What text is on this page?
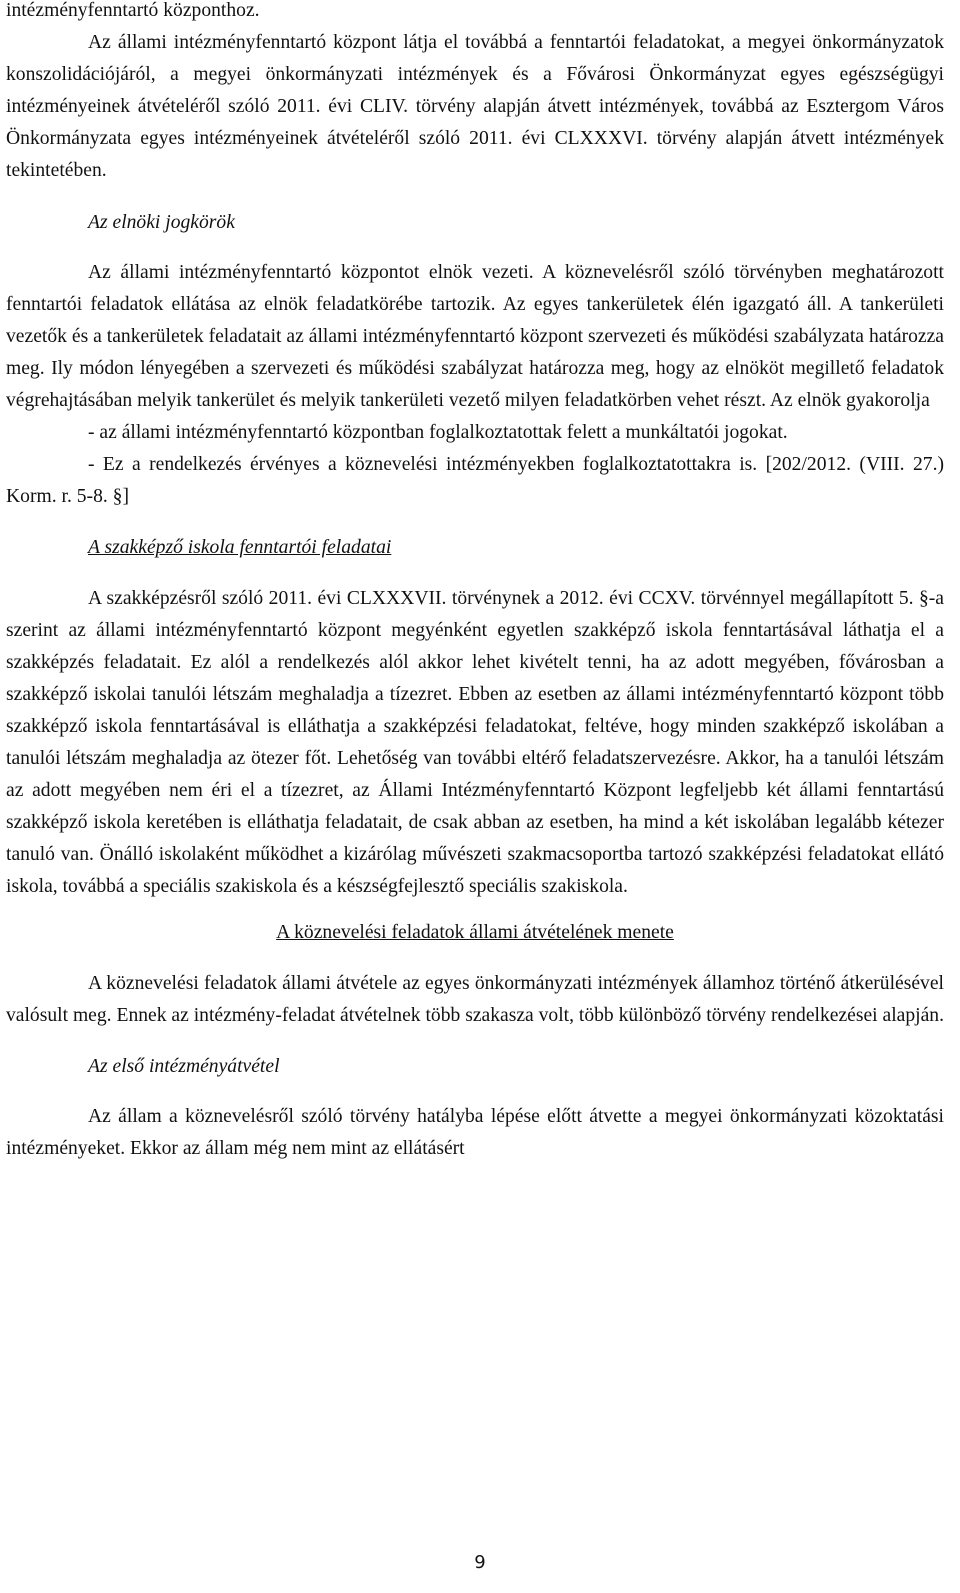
intézményfenntartó központhoz.

Az állami intézményfenntartó központ látja el továbbá a fenntartói feladatokat, a megyei önkormányzatok konszolidációjáról, a megyei önkormányzati intézmények és a Fővárosi Önkormányzat egyes egészségügyi intézményeinek átvételéről szóló 2011. évi CLIV. törvény alapján átvett intézmények, továbbá az Esztergom Város Önkormányzata egyes intézményeinek átvételéről szóló 2011. évi CLXXXVI. törvény alapján átvett intézmények tekintetében.

Az elnöki jogkörök

Az állami intézményfenntartó központot elnök vezeti. A köznevelésről szóló törvényben meghatározott fenntartói feladatok ellátása az elnök feladatkörébe tartozik. Az egyes tankerületek élén igazgató áll. A tankerületi vezetők és a tankerületek feladatait az állami intézményfenntartó központ szervezeti és működési szabályzata határozza meg. Ily módon lényegében a szervezeti és működési szabályzat határozza meg, hogy az elnököt megillető feladatok végrehajtásában melyik tankerület és melyik tankerületi vezető milyen feladatkörben vehet részt. Az elnök gyakorolja

- az állami intézményfenntartó központban foglalkoztatottak felett a munkáltatói jogokat.

- Ez a rendelkezés érvényes a köznevelési intézményekben foglalkoztatottakra is. [202/2012. (VIII. 27.) Korm. r. 5-8. §]

A szakképző iskola fenntartói feladatai

A szakképzésről szóló 2011. évi CLXXXVII. törvénynek a 2012. évi CCXV. törvénnyel megállapított 5. §-a szerint az állami intézményfenntartó központ megyénként egyetlen szakképző iskola fenntartásával láthatja el a szakképzés feladatait. Ez alól a rendelkezés alól akkor lehet kivételt tenni, ha az adott megyében, fővárosban a szakképző iskolai tanulói létszám meghaladja a tízezret. Ebben az esetben az állami intézményfenntartó központ több szakképző iskola fenntartásával is elláthatja a szakképzési feladatokat, feltéve, hogy minden szakképző iskolában a tanulói létszám meghaladja az ötezer főt. Lehetőség van további eltérő feladatszervezésre. Akkor, ha a tanulói létszám az adott megyében nem éri el a tízezret, az Állami Intézményfenntartó Központ legfeljebb két állami fenntartású szakképző iskola keretében is elláthatja feladatait, de csak abban az esetben, ha mind a két iskolában legalább kétezer tanuló van. Önálló iskolaként működhet a kizárólag művészeti szakmacsoportba tartozó szakképzési feladatokat ellátó iskola, továbbá a speciális szakiskola és a készségfejlesztő speciális szakiskola.

A köznevelési feladatok állami átvételének menete

A köznevelési feladatok állami átvétele az egyes önkormányzati intézmények államhoz történő átkerülésével valósult meg. Ennek az intézmény-feladat átvételnek több szakasza volt, több különböző törvény rendelkezései alapján.

Az első intézményátvétel

Az állam a köznevelésről szóló törvény hatályba lépése előtt átvette a megyei önkormányzati közoktatási intézményeket. Ekkor az állam még nem mint az ellátásért

9
